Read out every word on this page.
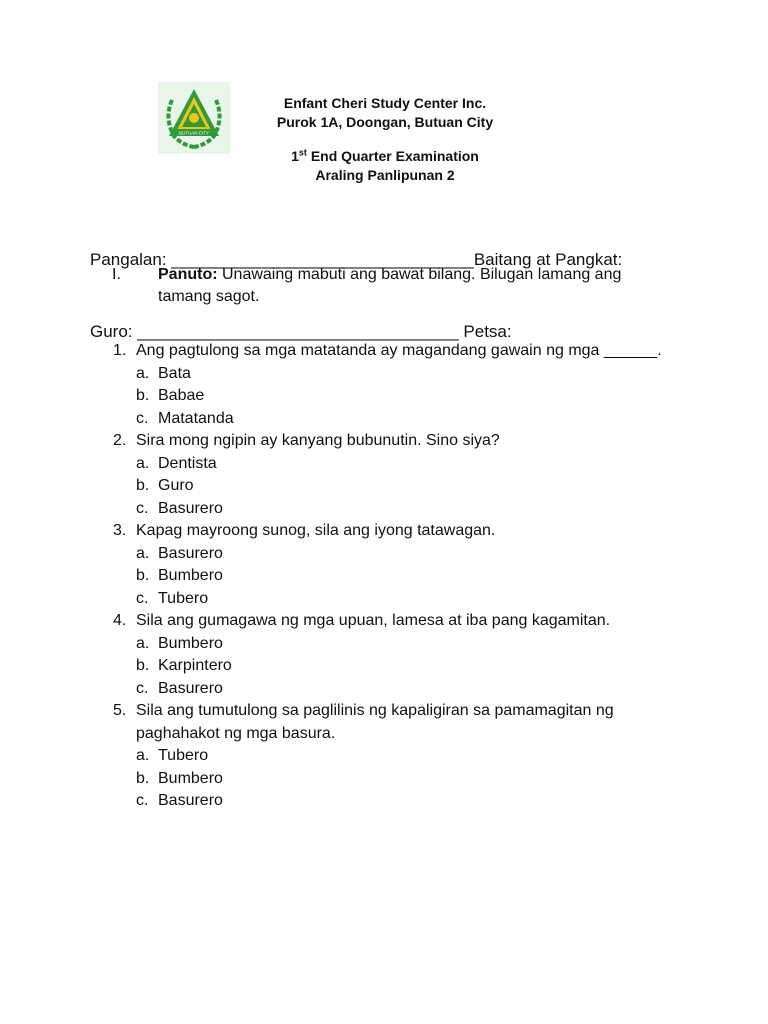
BUTUAN CITY
Enfant Cheri Study Center Inc.
Purok 1A, Doongan, Butuan City
1st End Quarter Examination
Araling Panlipunan 2

Pangalan: ________________________________Baitang at Pangkat:

Guro: __________________________________ Petsa:

I. Panuto: Unawaing mabuti ang bawat bilang. Bilugan lamang ang tamang sagot.
1. Ang pagtulong sa mga matatanda ay magandang gawain ng mga ______.
a. Bata
b. Babae
c. Matatanda
2. Sira mong ngipin ay kanyang bubunutin. Sino siya?
a. Dentista
b. Guro
c. Basurero
3. Kapag mayroong sunog, sila ang iyong tatawagan.
a. Basurero
b. Bumbero
c. Tubero
4. Sila ang gumagawa ng mga upuan, lamesa at iba pang kagamitan.
a. Bumbero
b. Karpintero
c. Basurero
5. Sila ang tumutulong sa paglilinis ng kapaligiran sa pamamagitan ng paghahakot ng mga basura.
a. Tubero
b. Bumbero
c. Basurero
